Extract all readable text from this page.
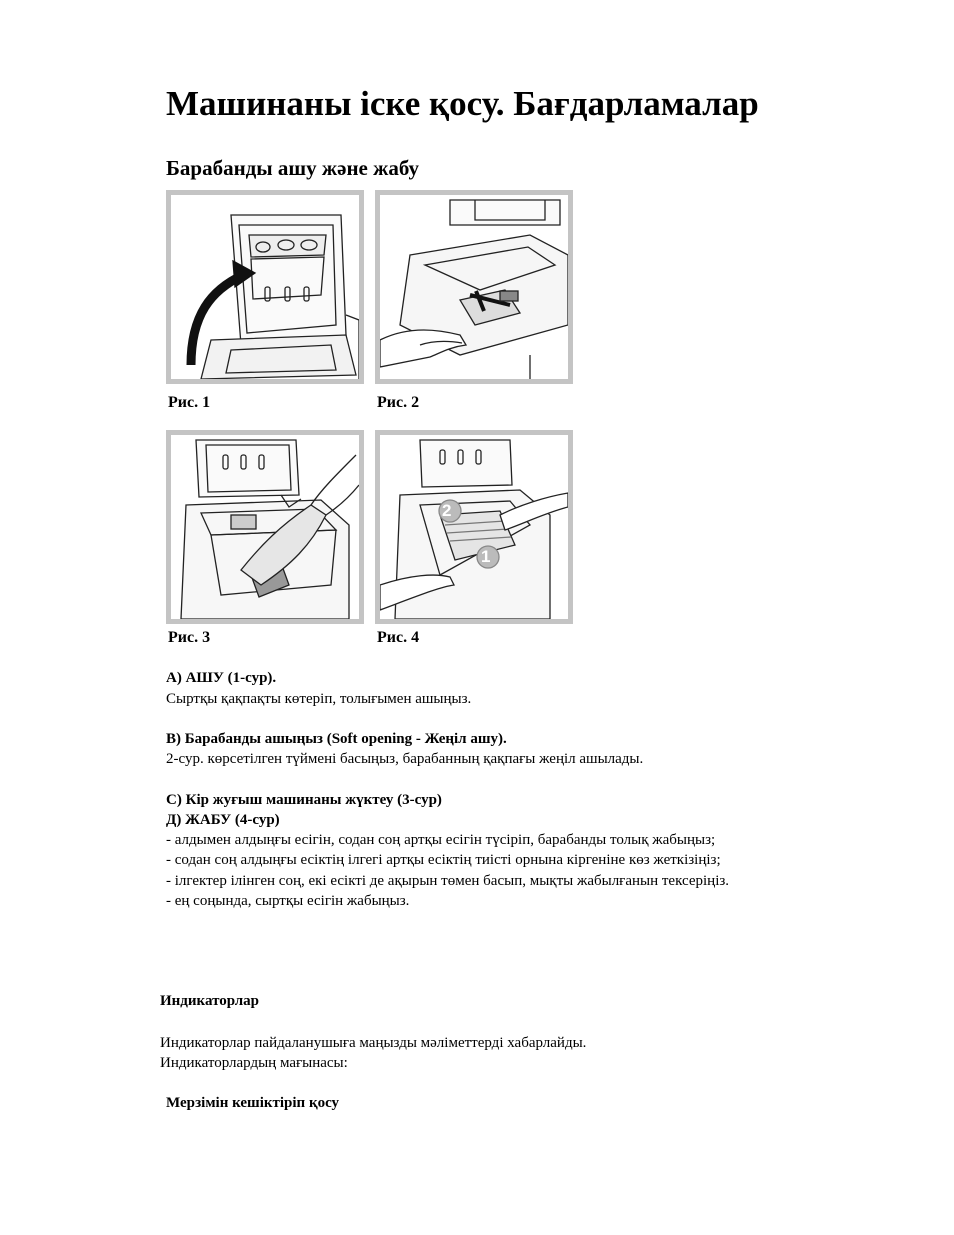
Машинаны іске қосу. Бағдарламалар
Барабанды ашу және жабу
Рис. 1	Рис. 2
Рис. 3
2
1
Рис. 4
А) АШУ (1-сур).
Сыртқы қақпақты көтеріп, толығымен ашыңыз.
В) Барабанды ашыңыз (Soft opening - Жеңіл ашу).
2-сур. көрсетілген түймені басыңыз, барабанның қақпағы жеңіл ашылады.
С) Кір жуғыш машинаны жүктеу (3-сур)
Д) ЖАБУ (4-сур)
- алдымен алдыңғы есігін, содан соң артқы есігін түсіріп, барабанды толық жабыңыз;
- содан соң алдыңғы есіктің ілгегі артқы есіктің тиісті орнына кіргеніне көз жеткізіңіз;
- ілгектер ілінген соң, екі есікті де ақырын төмен басып, мықты жабылғанын тексеріңіз.
- ең соңында, сыртқы есігін жабыңыз.
Индикаторлар
Индикаторлар пайдаланушыға маңызды мәліметтерді хабарлайды.
Индикаторлардың мағынасы:
Мерзімін кешіктіріп қосу
